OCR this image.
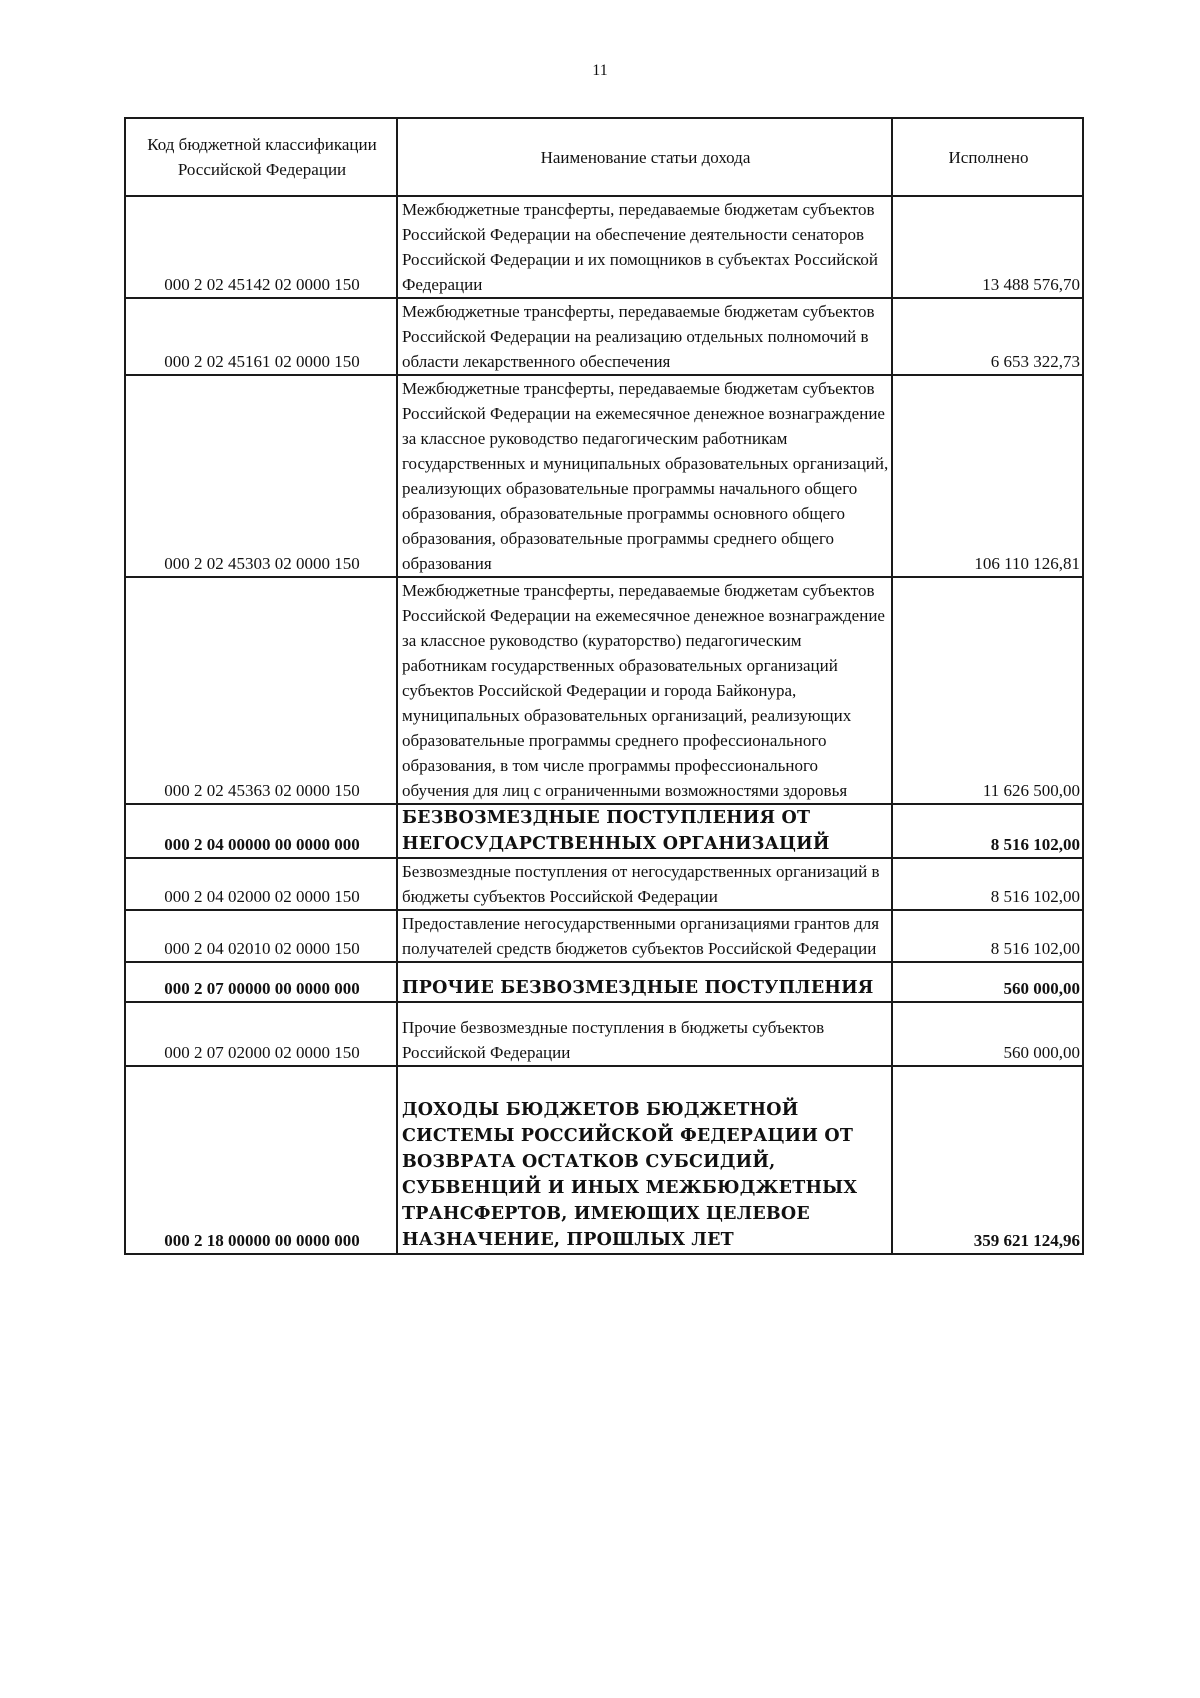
11
Код бюджетной классификации Российской Федерации	Наименование статьи дохода	Исполнено
000 2 02 45142 02 0000 150	Межбюджетные трансферты, передаваемые бюджетам субъектов Российской Федерации на обеспечение деятельности сенаторов Российской Федерации и их помощников в субъектах Российской Федерации	13 488 576,70
000 2 02 45161 02 0000 150	Межбюджетные трансферты, передаваемые бюджетам субъектов Российской Федерации на реализацию отдельных полномочий в области лекарственного обеспечения	6 653 322,73
000 2 02 45303 02 0000 150	Межбюджетные трансферты, передаваемые бюджетам субъектов Российской Федерации на ежемесячное денежное вознаграждение за классное руководство педагогическим работникам государственных и муниципальных образовательных организаций, реализующих образовательные программы начального общего образования, образовательные программы основного общего образования, образовательные программы среднего общего образования	106 110 126,81
000 2 02 45363 02 0000 150	Межбюджетные трансферты, передаваемые бюджетам субъектов Российской Федерации на ежемесячное денежное вознаграждение за классное руководство (кураторство) педагогическим работникам государственных образовательных организаций субъектов Российской Федерации и города Байконура, муниципальных образовательных организаций, реализующих образовательные программы среднего профессионального образования, в том числе программы профессионального обучения для лиц с ограниченными возможностями здоровья	11 626 500,00
000 2 04 00000 00 0000 000	БЕЗВОЗМЕЗДНЫЕ ПОСТУПЛЕНИЯ ОТ НЕГОСУДАРСТВЕННЫХ ОРГАНИЗАЦИЙ	8 516 102,00
000 2 04 02000 02 0000 150	Безвозмездные поступления от негосударственных организаций в бюджеты субъектов Российской Федерации	8 516 102,00
000 2 04 02010 02 0000 150	Предоставление негосударственными организациями грантов для получателей средств бюджетов субъектов Российской Федерации	8 516 102,00
000 2 07 00000 00 0000 000	ПРОЧИЕ БЕЗВОЗМЕЗДНЫЕ ПОСТУПЛЕНИЯ	560 000,00
000 2 07 02000 02 0000 150	Прочие безвозмездные поступления в бюджеты субъектов Российской Федерации	560 000,00
000 2 18 00000 00 0000 000	ДОХОДЫ БЮДЖЕТОВ БЮДЖЕТНОЙ СИСТЕМЫ РОССИЙСКОЙ ФЕДЕРАЦИИ ОТ ВОЗВРАТА ОСТАТКОВ СУБСИДИЙ, СУБВЕНЦИЙ И ИНЫХ МЕЖБЮДЖЕТНЫХ ТРАНСФЕРТОВ, ИМЕЮЩИХ ЦЕЛЕВОЕ НАЗНАЧЕНИЕ, ПРОШЛЫХ ЛЕТ	359 621 124,96
